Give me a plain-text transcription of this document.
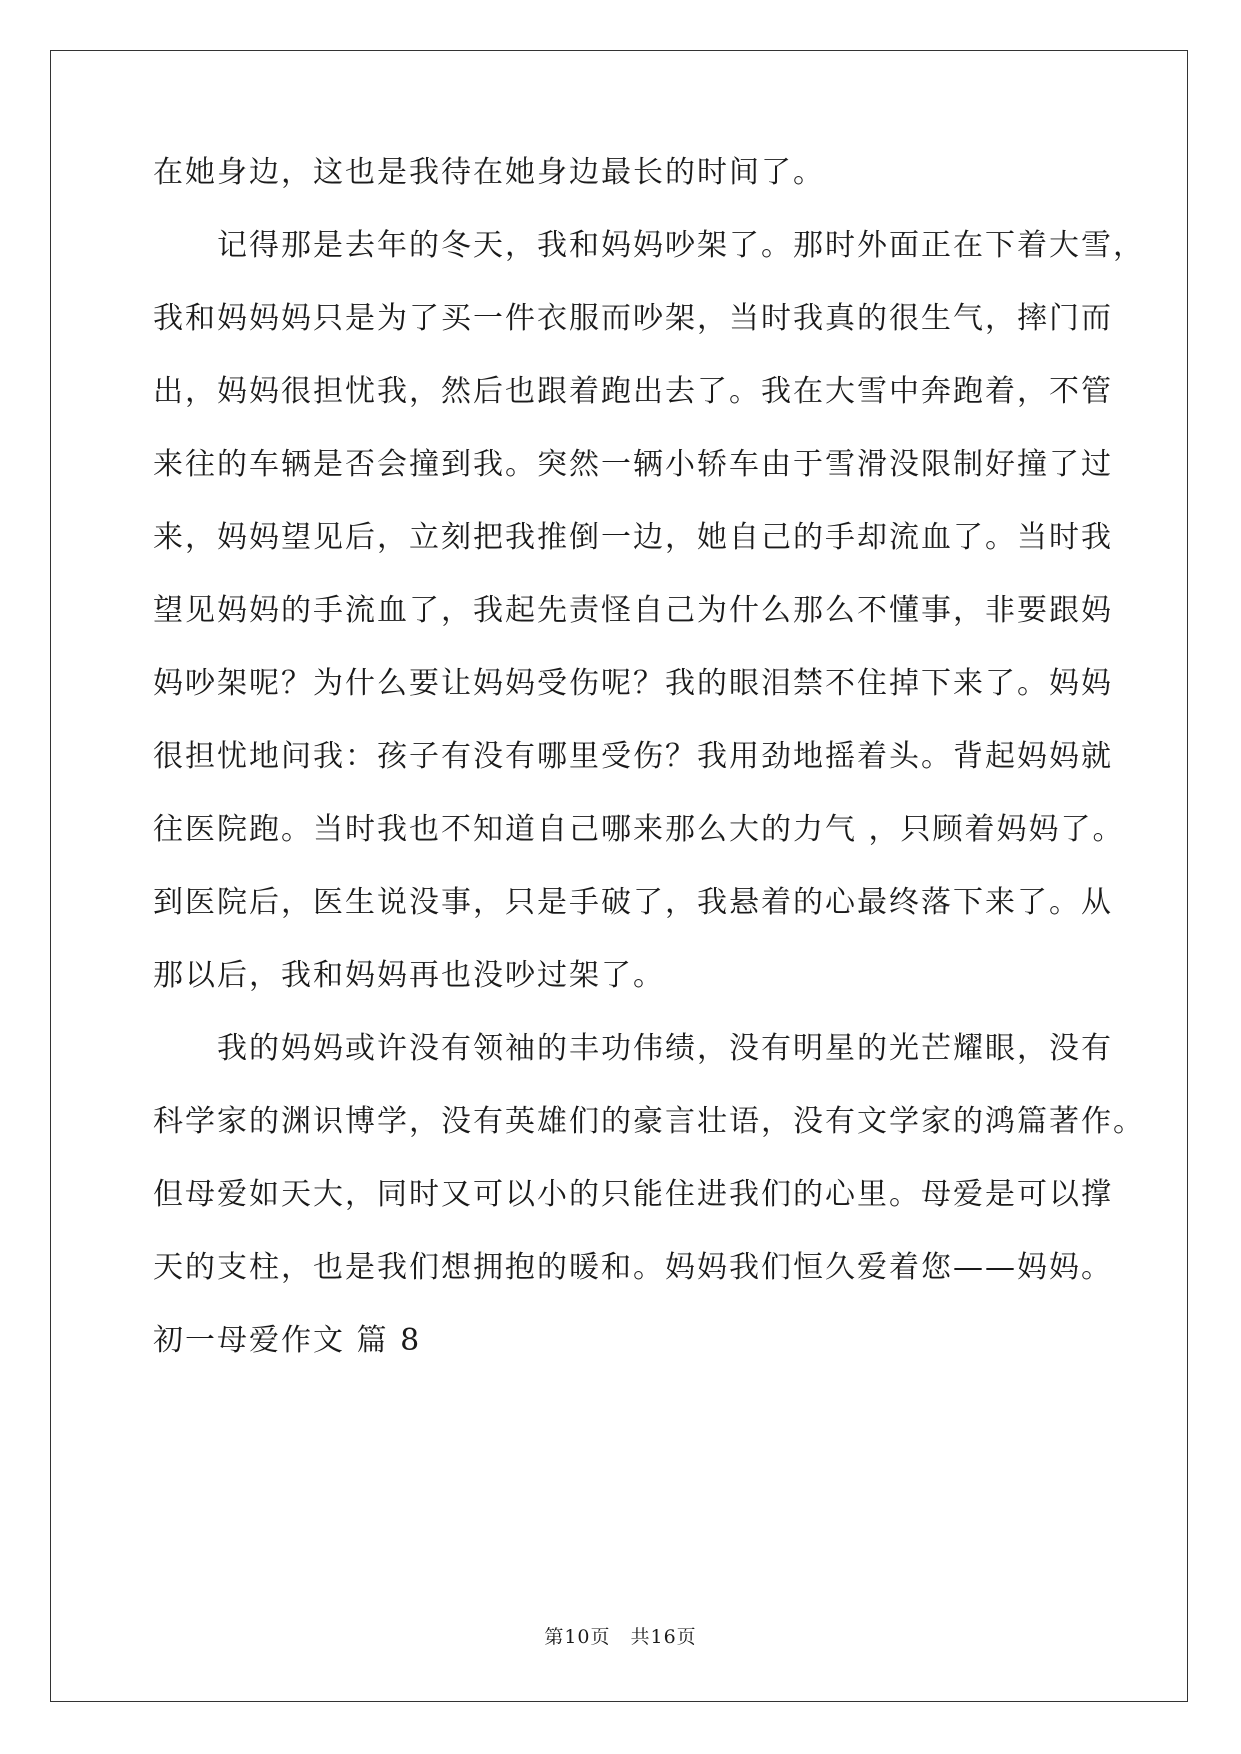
在她身边，这也是我待在她身边最长的时间了。

　　记得那是去年的冬天，我和妈妈吵架了。那时外面正在下着大雪，

我和妈妈妈只是为了买一件衣服而吵架，当时我真的很生气，摔门而

出，妈妈很担忧我，然后也跟着跑出去了。我在大雪中奔跑着，不管

来往的车辆是否会撞到我。突然一辆小轿车由于雪滑没限制好撞了过

来，妈妈望见后，立刻把我推倒一边，她自己的手却流血了。当时我

望见妈妈的手流血了，我起先责怪自己为什么那么不懂事，非要跟妈

妈吵架呢？为什么要让妈妈受伤呢？我的眼泪禁不住掉下来了。妈妈

很担忧地问我：孩子有没有哪里受伤？我用劲地摇着头。背起妈妈就

往医院跑。当时我也不知道自己哪来那么大的力气 ，只顾着妈妈了。

到医院后，医生说没事，只是手破了，我悬着的心最终落下来了。从

那以后，我和妈妈再也没吵过架了。

　　我的妈妈或许没有领袖的丰功伟绩，没有明星的光芒耀眼，没有

科学家的渊识博学，没有英雄们的豪言壮语，没有文学家的鸿篇著作。

但母爱如天大，同时又可以小的只能住进我们的心里。母爱是可以撑

天的支柱，也是我们想拥抱的暖和。妈妈我们恒久爱着您——妈妈。

初一母爱作文 篇 8

第10页 共16页
